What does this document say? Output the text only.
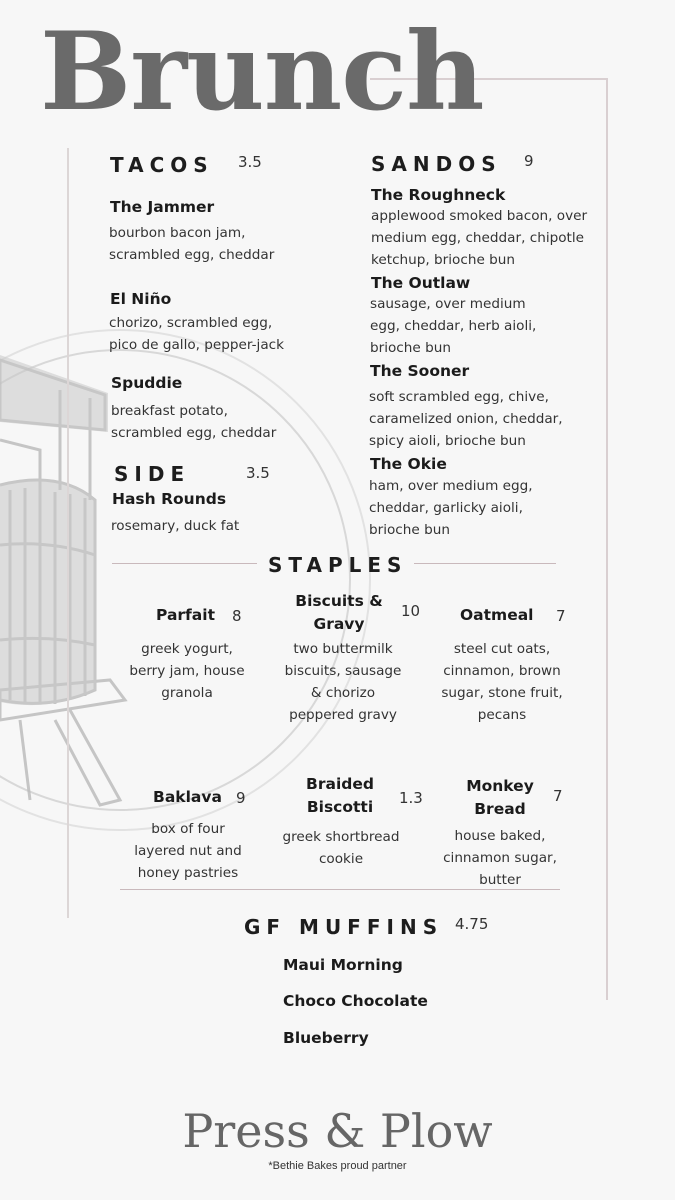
Brunch
TACOS 3.5
The Jammer
bourbon bacon jam,
scrambled egg, cheddar
El Niño
chorizo, scrambled egg,
pico de gallo, pepper-jack
Spuddie
breakfast potato,
scrambled egg, cheddar
SIDE	3.5
Hash Rounds
rosemary, duck fat
SANDOS 9
The Roughneck
applewood smoked bacon, over
medium egg, cheddar, chipotle
ketchup, brioche bun
The Outlaw
sausage, over medium
egg, cheddar, herb aioli,
brioche bun
The Sooner
soft scrambled egg, chive,
caramelized onion, cheddar,
spicy aioli, brioche bun
The Okie
ham, over medium egg,
cheddar, garlicky aioli,
brioche bun
STAPLES
Parfait 8
greek yogurt,
berry jam, house
granola
Biscuits &
Gravy
10
two buttermilk
biscuits, sausage
& chorizo
peppered gravy
Oatmeal 7
steel cut oats,
cinnamon, brown
sugar, stone fruit,
pecans
Baklava 9
box of four
layered nut and
honey pastries
Braided
Biscotti	1.3
greek shortbread
cookie
Monkey
Bread
7
house baked,
cinnamon sugar,
butter
GF MUFFINS 4.75
Maui Morning
Choco Chocolate
Blueberry
Press & Plow
*Bethie Bakes proud partner
